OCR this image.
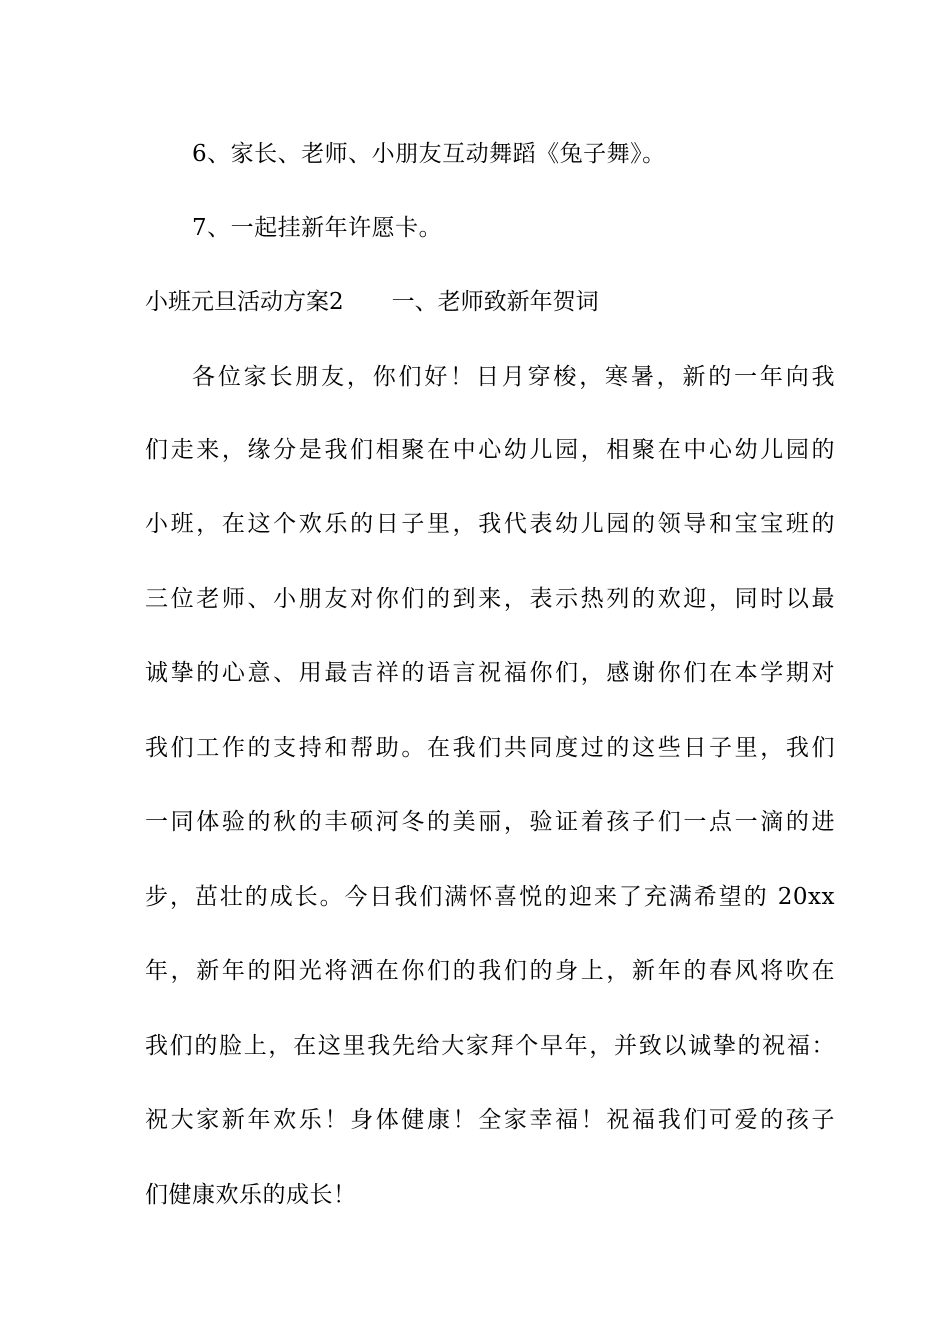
6、家长、老师、小朋友互动舞蹈《兔子舞》。
7、一起挂新年许愿卡。
小班元旦活动方案2 一、老师致新年贺词
各位家长朋友，你们好！日月穿梭，寒暑，新的一年向我
们走来，缘分是我们相聚在中心幼儿园，相聚在中心幼儿园的
小班，在这个欢乐的日子里，我代表幼儿园的领导和宝宝班的
三位老师、小朋友对你们的到来，表示热列的欢迎，同时以最
诚挚的心意、用最吉祥的语言祝福你们，感谢你们在本学期对
我们工作的支持和帮助。在我们共同度过的这些日子里，我们
一同体验的秋的丰硕河冬的美丽，验证着孩子们一点一滴的进
步，茁壮的成长。今日我们满怀喜悦的迎来了充满希望的 20xx
年，新年的阳光将洒在你们的我们的身上，新年的春风将吹在
我们的脸上，在这里我先给大家拜个早年，并致以诚挚的祝福：
祝大家新年欢乐！身体健康！全家幸福！祝福我们可爱的孩子
们健康欢乐的成长！
